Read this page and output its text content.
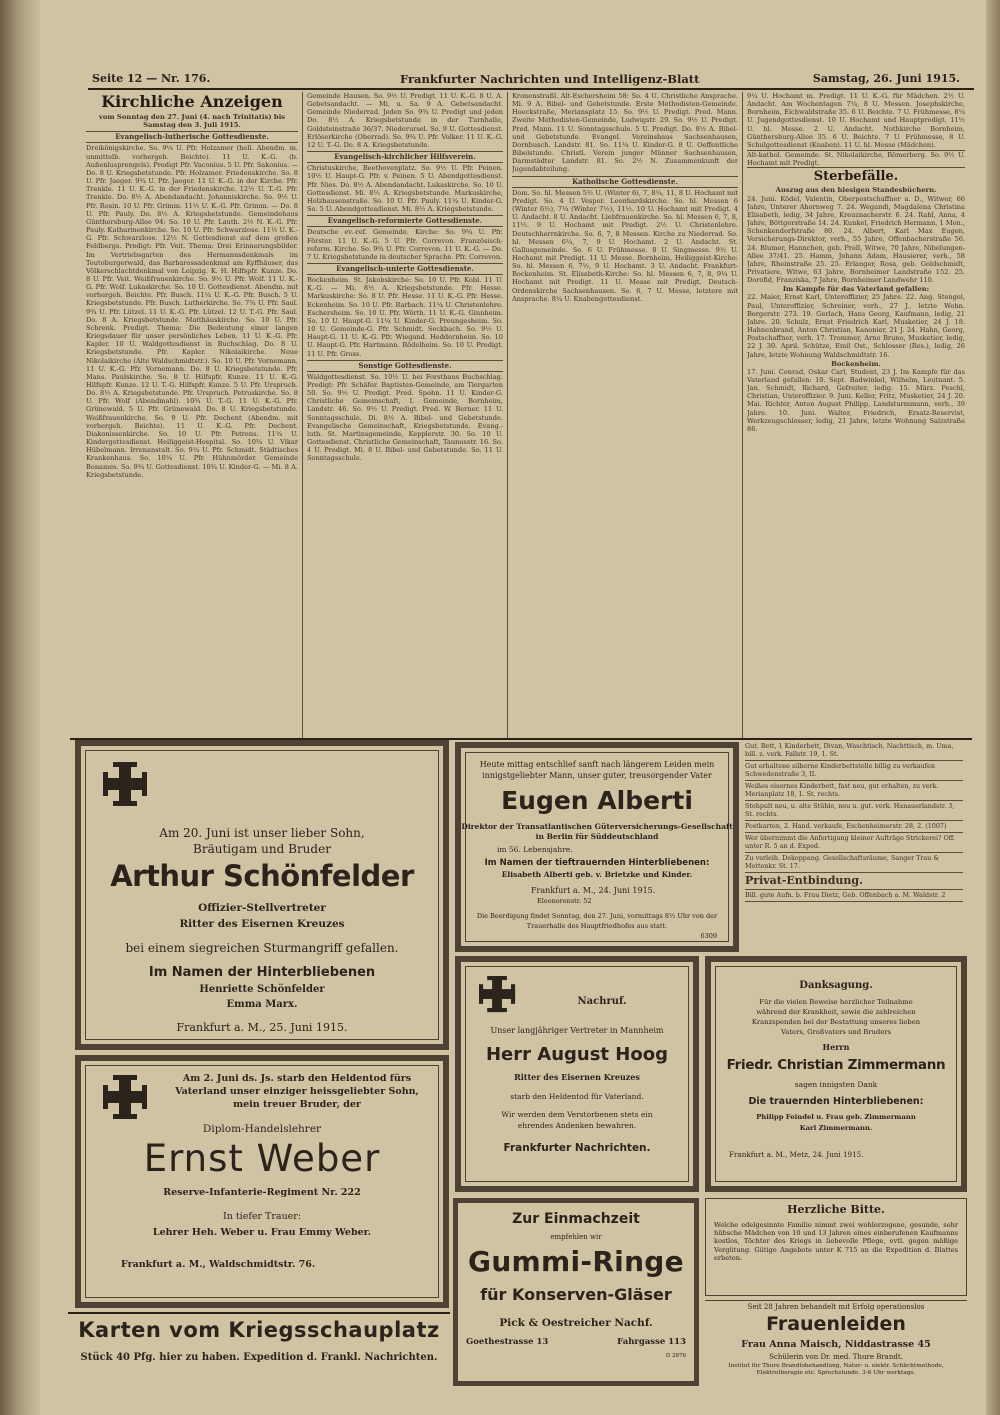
Seite 12 — Nr. 176.	Frankfurter Nachrichten und Intelligenz-Blatt	Samstag, 26. Juni 1915.
Kirchliche Anzeigen
vom Sonntag den 27. Juni (4. nach Trinitatis) bis Samstag den 3. Juli 1915.
Evangelisch-lutherische Gottesdienste.

Dreikönigskirche. So. 9¼ U. Pfr. Holzamer (hell. Abendm. m. unmittelb. vorhergeh. Beichte). 11 U. K.-G. (b. Außenlusprengels). Predigt Pfr. Vaconius. 5 U. Pfr. Sakonius. — Do. 8 U. Kriegsbetstunde. Pfr. Holzamer. Friedenskirche. So. 8 U. Pfr. Jaeger. 9¾ U. Pfr. Jaeger. 11 U. K.-G. in der Kirche. Pfr. Trenkle. 11 U. K.-G. in der Friedenskirche. 12½ U. T.-G. Pfr. Trenkle. Do. 8½ A. Abendandacht. Johanniskirche. So. 9½ U. Pfr. Rosin. 10 U. Pfr. Grimm. 11½ U. K.-G. Pfr. Grimm. — Do. 8 U. Pfr. Pauly. Do. 8½ A. Kriegsbetstunde. Gemeindehaus Günthersburg-Allee 94: So. 10 U. Pfr. Lauth. 2½ N. K.-G. Pfr. Pauly. Katharinenkirche. So. 10 U. Pfr. Schwarzlose. 11½ U. K.-G. Pfr. Schwarzlose. 12½ N. Gottesdienst auf dem großen Feldbergs. Predigt: Pfr. Veit. Thema: Drei Erinnerungsbilder. Im Vertriebsgarten des Hermannsdenkmals im Teutoburgerwald, das Barbarossadenkmal am Kyffhäuser, das Völkerschlachtdenkmal von Leipzig. K. H. Hilfspfr. Kunze. Do. 8 U. Pfr. Veit. Weißfrauenkirche. So. 9½ U. Pfr. Wolf. 11 U. K.-G. Pfr. Wolf. Lukaskirche. So. 10 U. Gottesdienst. Abendm. mit vorhergeh. Beichte. Pfr. Busch. 11¼ U. K.-G. Pfr. Busch. 5 U. Kriegsbetstunde. Pfr. Busch. Lutherkirche. So. 7¾ U. Pfr. Saul. 9¾ U. Pfr. Lützel. 11 U. K.-G. Pfr. Lützel. 12 U. T.-G. Pfr. Saul. Do. 8 A. Kriegsbetstunde. Matthäuskirche. So. 10 U. Pfr. Schrenk. Predigt. Thema: Die Bedeutung einer langen Kriegsdauer für unser persönliches Leben. 11 U. K.-G. Pfr. Kapler. 10 U. Waldgottesdienst in Buchschlag. Do. 8 U. Kriegsbetstunde. Pfr. Kapler. Nikolaikirche. Neue Nikolaikirche (Alte Waldschmidtstr.). So. 10 U. Pfr. Vornemann. 11 U. K.-G. Pfr. Vornemann. Do. 8 U. Kriegsbetstunde. Pfr. Mans. Paulskirche. So. 8 U. Hilfspfr. Kunze. 11 U. K.-G. Hilfspfr. Kunze. 12 U. T.-G. Hilfspfr. Kunze. 5 U. Pfr. Urspruch. Do. 8½ A. Kriegsbetstunde. Pfr. Urspruch. Petruskirche. So. 8 U. Pfr. Wolf (Abendmahl). 10¾ U. T.-G. 11 U. K.-G. Pfr. Grünewald. 5 U. Pfr. Grünewald. Do. 8 U. Kriegsbetstunde. Weißfrauenkirche. So. 9 U. Pfr. Dechent (Abendm. mit vorhergeh. Beichte). 11 U. K.-G. Pfr. Dechent. Diakonissenkirche. So. 10 U. Pfr. Petrens. 11¼ U. Kindergottesdienst. Heiliggeist-Hospital. So. 10¾ U. Vikar Hübelmann. Irrenanstalt. So. 9¼ U. Pfr. Schmidt. Städtisches Krankenhaus. So. 10¼ U. Pfr. Hühnmörder. Gemeinde Bonames. So. 9¾ U. Gottesdienst. 10¾ U. Kinder-G. — Mi. 8 A. Kriegsbetstunde.

Gemeinde Hausen. So. 9½ U. Predigt. 11 U. K.-G. 8 U. A. Gebetsandacht. — Mi. u. Sa. 9 A. Gebetsandacht. Gemeinde Niederrad. Jeden So. 9¾ U. Predigt und jeden Do. 8½ A. Kriegsbetstunde in der Turnhalle, Goldsteinstraße 36/37. Niederursel. So. 9 U. Gottesdienst. Erlöserkirche (Oberrad). So. 9¾ U. Pfr. Volker. 11 U. K.-G. 12 U. T.-G. Do. 8 A. Kriegsbetstunde.

Evangelisch-kirchlicher Hilfsverein.

Christuskirche, Beethovenplatz. So. 9½ U. Pfr. Peinen. 10½ U. Haupt-G. Pfr. v. Peinen. 5 U. Abendgottesdienst. Pfr. Nies. Do. 8½ A. Abendandacht. Lukaskirche. So. 10 U. Gottesdienst. Mi. 8½ A. Kriegsbetstunde. Markuskirche, Holzhausenstraße. So. 10 U. Pfr. Pauly. 11¼ U. Kinder-G. So. 5 U. Abendgottesdienst. Mi. 8½ A. Kriegsbetstunde.

Evangelisch-reformierte Gottesdienste.

Deutsche ev.-ref. Gemeinde. Kirche: So. 9¾ U. Pfr. Förster. 11 U. K.-G. 5 U. Pfr. Correvon. Französisch-reform. Kirche. So. 9¾ U. Pfr. Correvon. 11 U. K.-G. — Do. 7 U. Kriegsbetstunde in deutscher Sprache. Pfr. Correvon.

Evangelisch-unierte Gottesdienste.

Bockenheim. St. Jakobskirche: So. 10 U. Pfr. Kobl. 11 U. K.-G. — Mi. 8½ A. Kriegsbetstunde. Pfr. Hesse. Markuskirche: So. 8 U. Pfr. Hesse. 11 U. K.-G. Pfr. Hesse. Eckenheim. So. 10 U. Pfr. Rarbach. 11¼ U. Christenlehre. Eschersheim. So. 10 U. Pfr. Wörth. 11 U. K.-G. Ginnheim. So. 10 U. Haupt-G. 11¼ U. Kinder-G. Preungesheim. So. 10 U. Gemeinde-G. Pfr. Schmidt. Seckbach. So. 9½ U. Haupt-G. 11 U. K.-G. Pfr. Wiegand. Heddernheim. So. 10 U. Haupt-G. Pfr. Hartmann. Rödelheim. So. 10 U. Predigt. 11 U. Pfr. Gross.

Sonstige Gottesdienste.

Waldgottesdienst. So. 10½ U. bei Forsthaus Buchschlag. Predigt: Pfr. Schäfer. Baptisten-Gemeinde, am Tiergarten 50. So. 9½ U. Predigt. Pred. Spohn. 11 U. Kinder-G. Christliche Gemeinschaft, I. Gemeinde, Bornheim, Landstr. 46. So. 9½ U. Predigt. Pred. W. Berner. 11 U. Sonntagsschule. Di. 8½ A. Bibel- und Gebetstunde. Evangelische Gemeinschaft, Kriegsbetstunde. Evang.-luth. St. Martinsgemeinde, Kepplerstr. 30. So. 10 U. Gottesdienst. Christliche Gemeinschaft, Taunusstr. 16. So. 4 U. Predigt. Mi. 8 U. Bibel- und Gebetstunde. So. 11 U. Sonntagsschule.

Kronenstraßl. Alt-Eschersheim 58: So. 4 U. Christliche Ansprache. Mi. 9 A. Bibel- und Gebetstunde. Erste Methodisten-Gemeinde. Hoeckstraße, Meriansplatz 15. So. 9½ U. Predigt. Pred. Mann. Zweite Methodisten-Gemeinde, Ludwigstr. 29. So. 9½ U. Predigt. Pred. Mann. 11 U. Sonntagsschule. 5 U. Predigt. Do. 8½ A. Bibel- und Gebetstunde. Evangel. Vereinshaus Sachsenhausen, Dornbusch. Landstr. 81. So. 11¼ U. Kinder-G. 8 U. Oeffentliche Bibelstunde. Christl. Verein junger Männer Sachsenhausen, Darmstädter Landstr. 81. So. 2½ N. Zusammenkunft der Jugendabteilung.

Katholische Gottesdienste.

Dom. So. hl. Messen 5½ U. (Winter 6), 7, 8¼, 11, 8 U. Hochamt mit Predigt. So. 4 U. Vesper. Leonhardskirche. So. hl. Messen 6 (Winter 6½), 7¼ (Winter 7½), 11½. 10 U. Hochamt mit Predigt. 4 U. Andacht. 8 U. Andacht. Liebfrauenkirche. So. hl. Messen 6, 7, 8, 11½. 9 U. Hochamt mit Predigt. 2½ U. Christenlehre. Deutschherrnkirche. So. 6, 7, 8 Messen. Kirche zu Niederrad. So. hl. Messen 6¼, 7, 9 U. Hochamt. 2 U. Andacht. St. Gallusgemeinde. So. 6 U. Frühmesse. 8 U. Singmesse. 9½ U. Hochamt mit Predigt. 11 U. Messe. Bornheim, Heiliggeist-Kirche: So. hl. Messen 6, 7½, 9 U. Hochamt. 3 U. Andacht. Frankfurt-Bockenheim. St. Elisabeth-Kirche: So. hl. Messen 6, 7, 8, 9¼ U. Hochamt mit Predigt. 11 U. Messe mit Predigt. Deutsch-Ordenskirche Sachsenhausen. So. 6, 7 U. Messe, letztere mit Ansprache. 8¼ U. Knabengottesdienst.

9¼ U. Hochamt m. Predigt. 11 U. K.-G. für Mädchen. 2½ U. Andacht. Am Wochentagen 7¼, 8 U. Messen. Josephskirche, Bornheim, Eichwaldstraße 35. 6 U. Beichte. 7 U. Frühmesse, 8¼ U. Jugendgottesdienst. 10 U. Hochamt und Hauptpredigt. 11½ U. hl. Messe. 2 U. Andacht. Nothkirche Bornheim, Günthersburg-Allee 35. 6 U. Beichte. 7 U. Frühmesse, 8 U. Schulgottesdienst (Knaben). 11 U. hl. Messe (Mädchen).

Alt-kathol. Gemeinde. St. Nikolaikirche, Römerberg. So. 9½ U. Hochamt mit Predigt.

Sterbefälle.
Auszug aus den hiesigen Standesbüchern.

24. Juni. Ködel, Valentin, Oberpostschaffner a. D., Witwer, 66 Jahre, Unterer Ahornweg 7. 24. Wegandi, Magdalena Christina Elisabeth, ledig, 34 Jahre, Kreuznacherstr. 6. 24. Rahl, Anna, 4 Jahre, Böttgerstraße 14. 24. Kunkel, Friedrich Hermann, 1 Mon., Schenkendorfstraße 80. 24. Albert, Karl Max Eugen, Versicherungs-Direktor, verh., 55 Jahre, Offenbacherstraße 56. 24. Blumer, Hannchen, geb. Prell, Witwe, 70 Jahre, Nibelungen-Allee 37/41. 25. Hamm, Johann Adam, Hausierer, verh., 58 Jahre, Rheinstraße 25. 25. Erlanger, Rosa, geb. Goldschmidt, Privatiere, Witwe, 63 Jahre, Bornheimer Landstraße 152. 25. Dorofid, Franziska, 7 Jahre, Bornheimer Landwehr 110.

Im Kampfe für das Vaterland gefallen:

22. Maier, Ernst Karl, Unteroffizier, 25 Jahre. 22. Ang. Stengel, Paul, Unteroffizier, Schreiner, verh., 27 J., letzte Wohn. Bergerstr. 273. 19. Gerlach, Hans Georg, Kaufmann, ledig, 21 Jahre. 20. Schulz, Ernst Friedrich Karl, Musketier, 24 J. 18. Hahnenbrand, Anton Christian, Kanonier, 21 J. 24. Hahn, Georg, Postschaffner, verh. 17. Trommer, Arno Bruno, Musketier, ledig, 22 J. 30. April. Schütze, Emil Ost., Schlosser (Res.), ledig, 26 Jahre, letzte Wohnung Waldschmidtstr. 16.

Bockenheim.

17. Juni. Conrad, Oskar Carl, Student, 23 J. Im Kampfe für das Vaterland gefallen: 10. Sept. Badwinkel, Wilhelm, Leutnant. 5. Jan. Schmidt, Richard, Gefreiter, ledig. 15. März. Peschl, Christian, Unteroffizier. 9. Juni. Keller, Fritz, Musketier, 24 J. 20. Mai. Richter, Anton August Philipp, Landsturmmann, verh., 39 Jahre. 10. Juni. Walter, Friedrich, Ersatz-Reservist, Werkzeugschlosser, ledig, 21 Jahre, letzte Wohnung Salzstraße 86.

Am 20. Juni ist unser lieber Sohn,
Bräutigam und Bruder
Arthur Schönfelder
Offizier-Stellvertreter
Ritter des Eisernen Kreuzes
bei einem siegreichen Sturmangriff gefallen.
Im Namen der Hinterbliebenen
Henriette Schönfelder
Emma Marx.
Frankfurt a. M., 25. Juni 1915.
Heute mittag entschlief sanft nach längerem Leiden mein
innigstgeliebter Mann, unser guter, treusorgender Vater
Eugen Alberti
Direktor der Transatlantischen Güterversicherungs-Gesellschaft
in Berlin für Süddeutschland
im 56. Lebensjahre.
Im Namen der tieftrauernden Hinterbliebenen:
Elisabeth Alberti geb. v. Brietzke und Kinder.
Frankfurt a. M., 24. Juni 1915.
Eleonorenstr. 52
Die Beerdigung findet Sonntag, den 27. Juni, vormittags 8½ Uhr von der
Trauerhalle des Hauptfriedhofes aus statt.
6309
Nachruf.
Unser langjähriger Vertreter in Mannheim
Herr August Hoog
Ritter des Eisernen Kreuzes
starb den Heldentod für Vaterland.
Wir werden dem Verstorbenen stets ein
ehrendes Andenken bewahren.
Frankfurter Nachrichten.
Danksagung.
Für die vielen Beweise herzlicher Teilnahme
während der Krankheit, sowie die zahlreichen
Kranzspenden bei der Bestattung unseres lieben
Vaters, Großvaters und Bruders
Herrn
Friedr. Christian Zimmermann
sagen innigsten Dank
Die trauernden Hinterbliebenen:
Philipp Feindel u. Frau geb. Zimmermann
Karl Zimmermann.
Frankfurt a. M., Metz, 24. Juni 1915.
Gut. Bett, 1 Kinderbett, Divan, Waschtisch, Nachttisch, m. Uma, bill. z. verk. Fallstr. 19, 1. St.
Gut erhaltene silberne Kinderbettstelle billig zu verkaufen Schwedenstraße 3, II.
Weißes eisernes Kinderbett, fast neu, gut erhalten, zu verk. Merianplatz 18, 1. St. rechts.
Stehpult neu, u. alte Stühle, neu u. gut. verk. Hanauerlandstr. 3, St. rechts.
Postkarten, 2. Hand. verkaufe, Eschenheimerstr. 28, 2. (1007)
Wer übernimmt die Anfertigung kleiner Aufträge Strickerei? Off. unter R. 5 an d. Exped.
Zu verleih. Dekoppang. Gesellschaftsräume, Sanger Trau & Mottenkr. St. 17.
Privat-Entbindung.
Bill. gute Aufn. b. Frau Dietz, Geb. Offenbach a. M. Waldstr. 2
Am 2. Juni ds. Js. starb den Heldentod fürs
Vaterland unser einziger heissgeliebter Sohn,
mein treuer Bruder, der
Diplom-Handelslehrer
Ernst Weber
Reserve-Infanterie-Regiment Nr. 222
In tiefer Trauer:
Lehrer Heh. Weber u. Frau Emmy Weber.
Frankfurt a. M., Waldschmidtstr. 76.
Karten vom Kriegsschauplatz
Stück 40 Pfg. hier zu haben. Expedition d. Frankl. Nachrichten.
Zur Einmachzeit
empfehlen wir
Gummi-Ringe
für Konserven-Gläser
Pick & Oestreicher Nachf.
Goethestrasse 13	Fahrgasse 113
D 2876
Herzliche Bitte.
Welche edelgesinnte Familie nimmt zwei wohlerzogene, gesunde, sehr hübsche Mädchen von 10 und 13 Jahren eines einberufenen Kaufmanns kostlos, Töchter des Kriegs in liebevolle Pflege, evtl. gegen mäßige Vergütung. Gütige Angebote unter K 715 an die Expedition d. Blattes erbeten.
Seit 28 Jahren behandelt mit Erfolg operationslos
Frauenleiden
Frau Anna Maisch, Niddastrasse 45
Schülerin von Dr. med. Thure Brandt.
Institut für Thure Brandtsbehandlung, Natur- u. elektr. Schlichtmethode, Elektrotherapie etc. Sprechstunde. 3-6 Uhr werktags.
